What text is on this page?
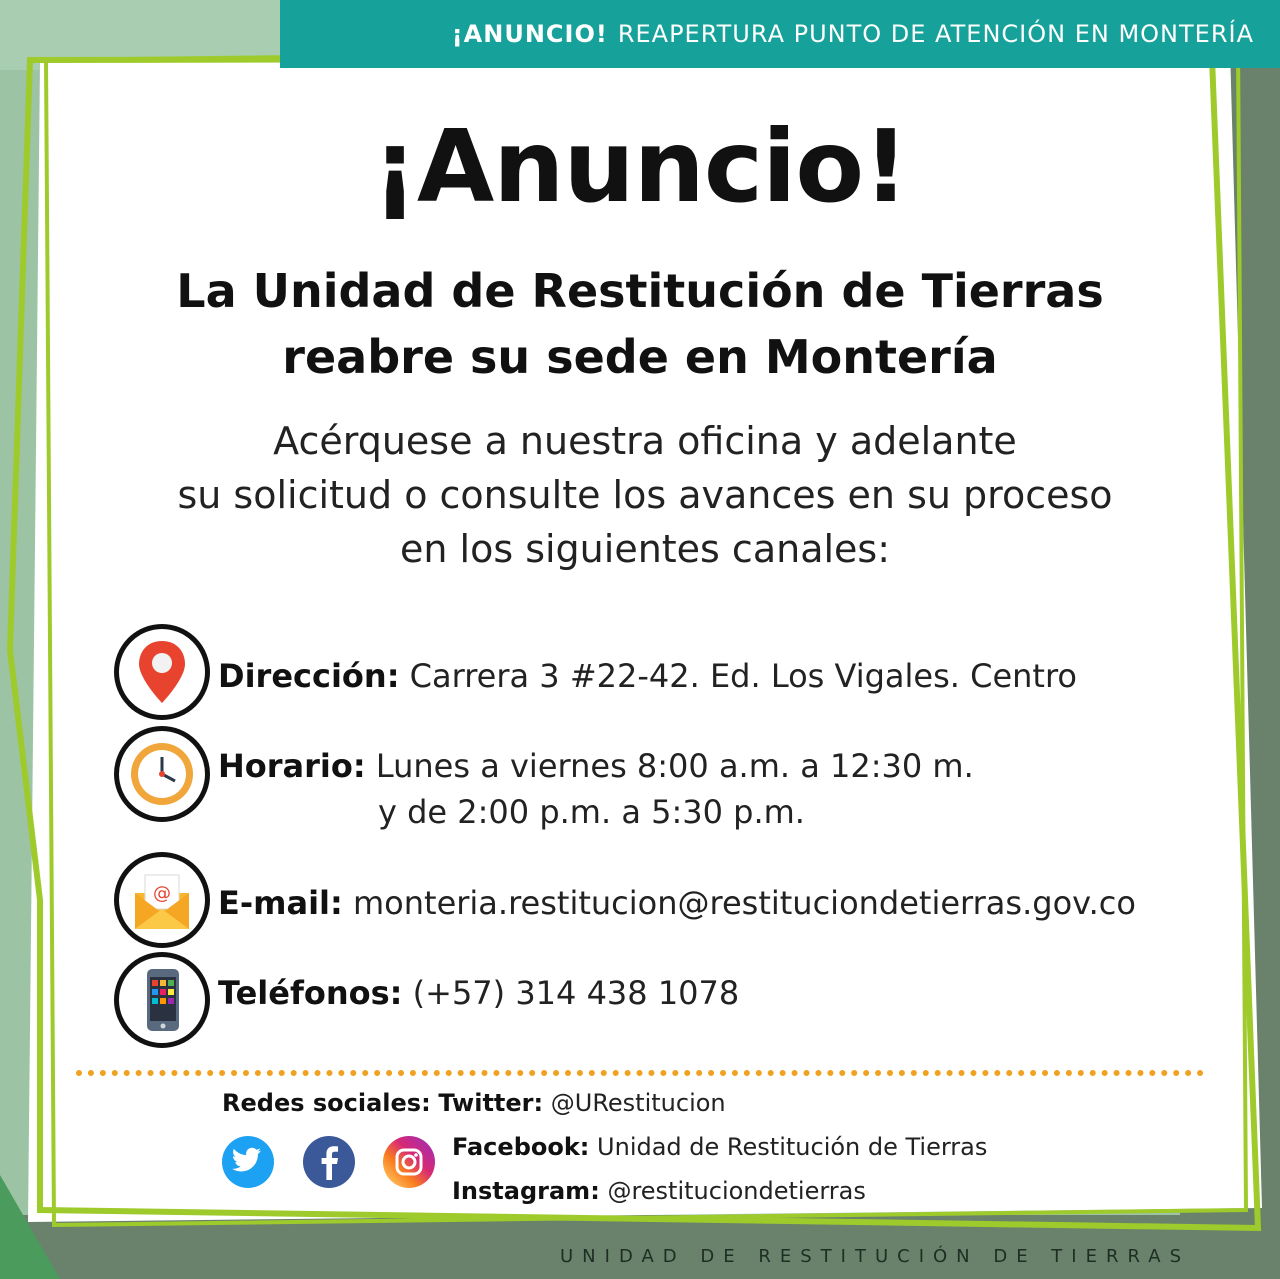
¡ANUNCIO! REAPERTURA PUNTO DE ATENCIÓN EN MONTERÍA
¡Anuncio!
La Unidad de Restitución de Tierras
reabre su sede en Montería
Acérquese a nuestra oficina y adelante
su solicitud o consulte los avances en su proceso
en los siguientes canales:
Dirección: Carrera 3 #22-42. Ed. Los Vigales. Centro
Horario: Lunes a viernes 8:00 a.m. a 12:30 m.
y de 2:00 p.m. a 5:30 p.m.
@ E-mail: monteria.restitucion@restituciondetierras.gov.co
Teléfonos: (+57) 314 438 1078
Redes sociales: Twitter: @URestitucion
Facebook: Unidad de Restitución de Tierras
Instagram: @restituciondetierras
UNIDAD DE RESTITUCIÓN DE TIERRAS
